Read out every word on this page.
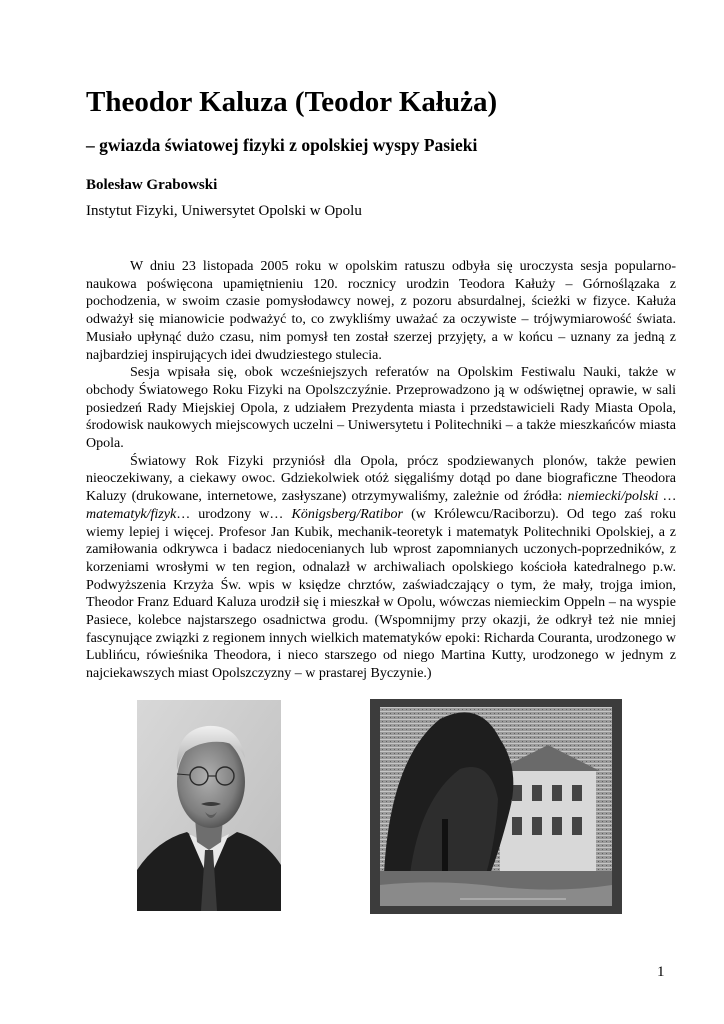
Theodor Kaluza (Teodor Kałuża)
– gwiazda światowej fizyki z opolskiej wyspy Pasieki
Bolesław Grabowski
Instytut Fizyki, Uniwersytet Opolski w Opolu

W dniu 23 listopada 2005 roku w opolskim ratuszu odbyła się uroczysta sesja popularno-naukowa poświęcona upamiętnieniu 120. rocznicy urodzin Teodora Kałuży – Górnoślązaka z pochodzenia, w swoim czasie pomysłodawcy nowej, z pozoru absurdalnej, ścieżki w fizyce. Kałuża odważył się mianowicie podważyć to, co zwykliśmy uważać za oczywiste – trójwymiarowość świata. Musiało upłynąć dużo czasu, nim pomysł ten został szerzej przyjęty, a w końcu – uznany za jedną z najbardziej inspirujących idei dwudziestego stulecia.

Sesja wpisała się, obok wcześniejszych referatów na Opolskim Festiwalu Nauki, także w obchody Światowego Roku Fizyki na Opolszczyźnie. Przeprowadzono ją w odświętnej oprawie, w sali posiedzeń Rady Miejskiej Opola, z udziałem Prezydenta miasta i przedstawicieli Rady Miasta Opola, środowisk naukowych miejscowych uczelni – Uniwersytetu i Politechniki – a także mieszkańców miasta Opola.

Światowy Rok Fizyki przyniósł dla Opola, prócz spodziewanych plonów, także pewien nieoczekiwany, a ciekawy owoc. Gdziekolwiek otóż sięgaliśmy dotąd po dane biograficzne Theodora Kaluzy (drukowane, internetowe, zasłyszane) otrzymywaliśmy, zależnie od źródła: niemiecki/polski … matematyk/fizyk… urodzony w… Königsberg/Ratibor (w Królewcu/Raciborzu). Od tego zaś roku wiemy lepiej i więcej. Profesor Jan Kubik, mechanik-teoretyk i matematyk Politechniki Opolskiej, a z zamiłowania odkrywca i badacz niedocenianych lub wprost zapomnianych uczonych-poprzedników, z korzeniami wrosłymi w ten region, odnalazł w archiwaliach opolskiego kościoła katedralnego p.w. Podwyższenia Krzyża Św. wpis w księdze chrztów, zaświadczający o tym, że mały, trojga imion, Theodor Franz Eduard Kaluza urodził się i mieszkał w Opolu, wówczas niemieckim Oppeln – na wyspie Pasiece, kolebce najstarszego osadnictwa grodu. (Wspomnijmy przy okazji, że odkrył też nie mniej fascynujące związki z regionem innych wielkich matematyków epoki: Richarda Couranta, urodzonego w Lublińcu, rówieśnika Theodora, i nieco starszego od niego Martina Kutty, urodzonego w jednym z najciekawszych miast Opolszczyzny – w prastarej Byczynie.)

1
